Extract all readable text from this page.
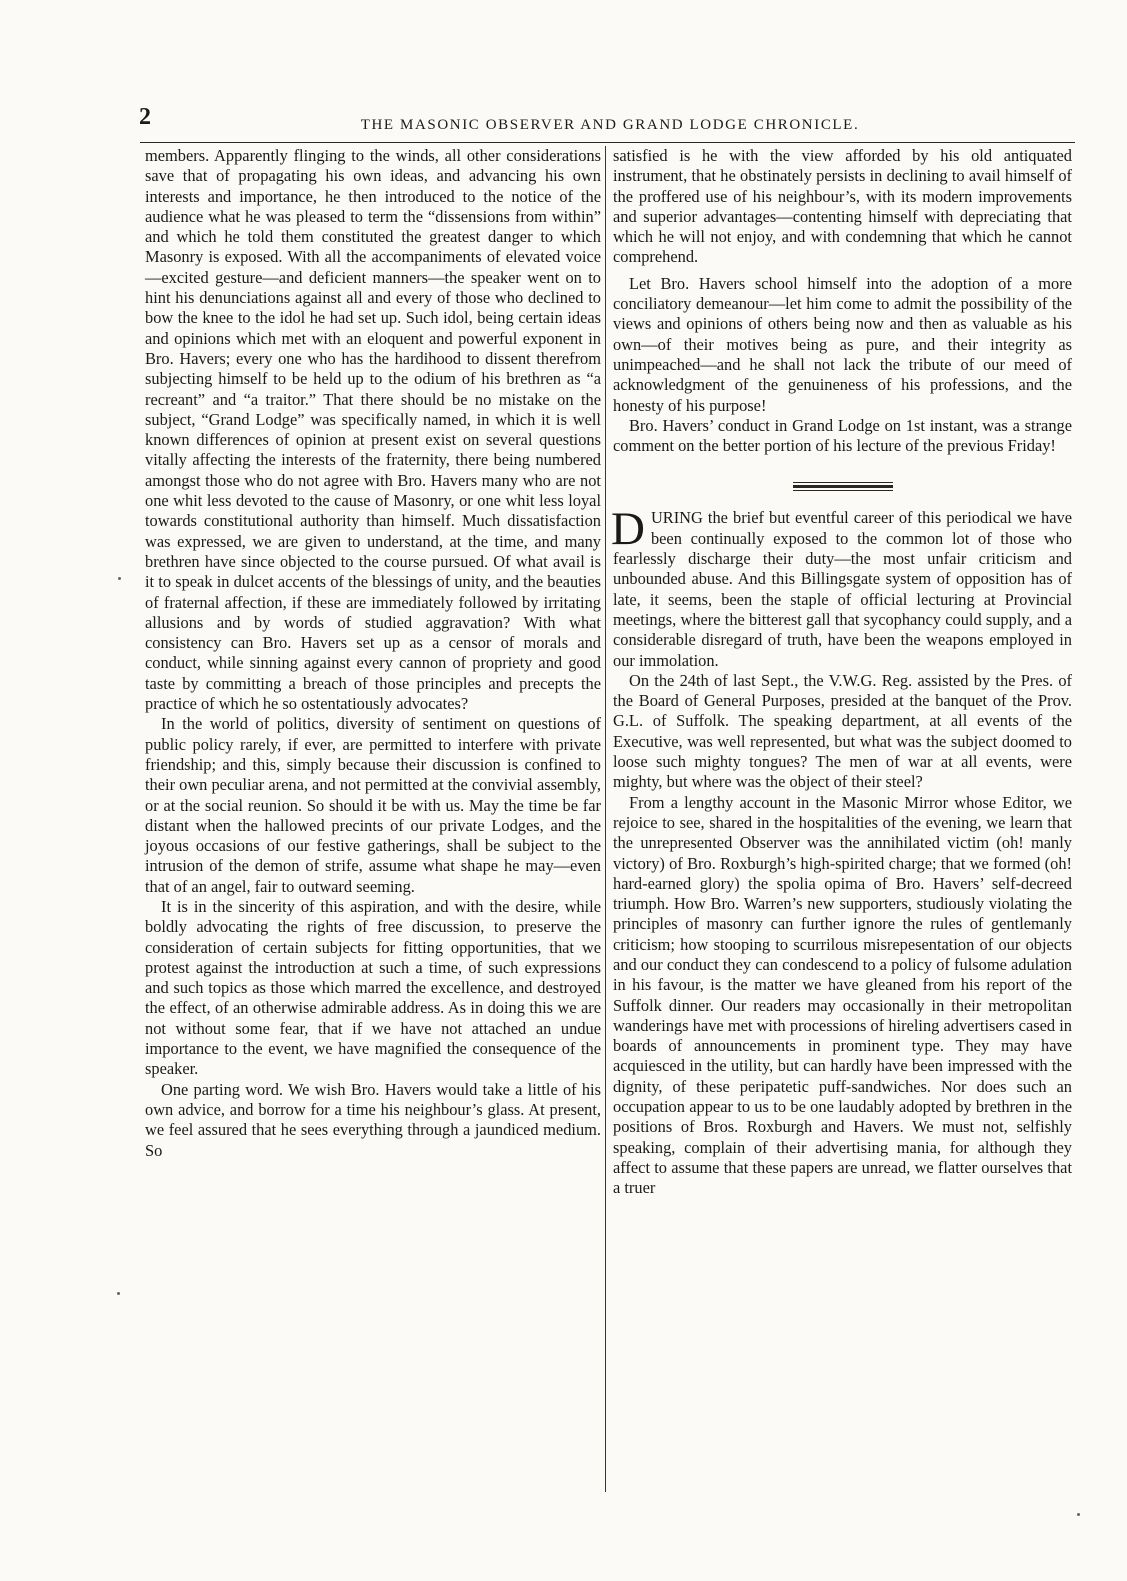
2	THE MASONIC OBSERVER AND GRAND LODGE CHRONICLE.

members. Apparently flinging to the winds, all other considerations save that of propagating his own ideas, and advancing his own interests and importance, he then introduced to the notice of the audience what he was pleased to term the “dissensions from within” and which he told them constituted the greatest danger to which Masonry is exposed. With all the accompaniments of elevated voice—excited gesture—and deficient manners—the speaker went on to hint his denunciations against all and every of those who declined to bow the knee to the idol he had set up. Such idol, being certain ideas and opinions which met with an eloquent and powerful exponent in Bro. Havers; every one who has the hardihood to dissent therefrom subjecting himself to be held up to the odium of his brethren as “a recreant” and “a traitor.” That there should be no mistake on the subject, “Grand Lodge” was specifically named, in which it is well known differences of opinion at present exist on several questions vitally affecting the interests of the fraternity, there being numbered amongst those who do not agree with Bro. Havers many who are not one whit less devoted to the cause of Masonry, or one whit less loyal towards constitutional authority than himself. Much dissatisfaction was expressed, we are given to understand, at the time, and many brethren have since objected to the course pursued. Of what avail is it to speak in dulcet accents of the blessings of unity, and the beauties of fraternal affection, if these are immediately followed by irritating allusions and by words of studied aggravation? With what consistency can Bro. Havers set up as a censor of morals and conduct, while sinning against every cannon of propriety and good taste by committing a breach of those principles and precepts the practice of which he so ostentatiously advocates?

In the world of politics, diversity of sentiment on questions of public policy rarely, if ever, are permitted to interfere with private friendship; and this, simply because their discussion is confined to their own peculiar arena, and not permitted at the convivial assembly, or at the social reunion. So should it be with us. May the time be far distant when the hallowed precints of our private Lodges, and the joyous occasions of our festive gatherings, shall be subject to the intrusion of the demon of strife, assume what shape he may—even that of an angel, fair to outward seeming.

It is in the sincerity of this aspiration, and with the desire, while boldly advocating the rights of free discussion, to preserve the consideration of certain subjects for fitting opportunities, that we protest against the introduction at such a time, of such expressions and such topics as those which marred the excellence, and destroyed the effect, of an otherwise admirable address. As in doing this we are not without some fear, that if we have not attached an undue importance to the event, we have magnified the consequence of the speaker.

One parting word. We wish Bro. Havers would take a little of his own advice, and borrow for a time his neighbour’s glass. At present, we feel assured that he sees everything through a jaundiced medium. So

satisfied is he with the view afforded by his old antiquated instrument, that he obstinately persists in declining to avail himself of the proffered use of his neighbour’s, with its modern improvements and superior advantages—contenting himself with depreciating that which he will not enjoy, and with condemning that which he cannot comprehend.

Let Bro. Havers school himself into the adoption of a more conciliatory demeanour—let him come to admit the possibility of the views and opinions of others being now and then as valuable as his own—of their motives being as pure, and their integrity as unimpeached—and he shall not lack the tribute of our meed of acknowledgment of the genuineness of his professions, and the honesty of his purpose!

Bro. Havers’ conduct in Grand Lodge on 1st instant, was a strange comment on the better portion of his lecture of the previous Friday!

DURING the brief but eventful career of this periodical we have been continually exposed to the common lot of those who fearlessly discharge their duty—the most unfair criticism and unbounded abuse. And this Billingsgate system of opposition has of late, it seems, been the staple of official lecturing at Provincial meetings, where the bitterest gall that sycophancy could supply, and a considerable disregard of truth, have been the weapons employed in our immolation.

On the 24th of last Sept., the V.W.G. Reg. assisted by the Pres. of the Board of General Purposes, presided at the banquet of the Prov. G.L. of Suffolk. The speaking department, at all events of the Executive, was well represented, but what was the subject doomed to loose such mighty tongues? The men of war at all events, were mighty, but where was the object of their steel?

From a lengthy account in the Masonic Mirror whose Editor, we rejoice to see, shared in the hospitalities of the evening, we learn that the unrepresented Observer was the annihilated victim (oh! manly victory) of Bro. Roxburgh’s high-spirited charge; that we formed (oh! hard-earned glory) the spolia opima of Bro. Havers’ self-decreed triumph. How Bro. Warren’s new supporters, studiously violating the principles of masonry can further ignore the rules of gentlemanly criticism; how stooping to scurrilous misrepesentation of our objects and our conduct they can condescend to a policy of fulsome adulation in his favour, is the matter we have gleaned from his report of the Suffolk dinner. Our readers may occasionally in their metropolitan wanderings have met with processions of hireling advertisers cased in boards of announcements in prominent type. They may have acquiesced in the utility, but can hardly have been impressed with the dignity, of these peripatetic puff-sandwiches. Nor does such an occupation appear to us to be one laudably adopted by brethren in the positions of Bros. Roxburgh and Havers. We must not, selfishly speaking, complain of their advertising mania, for although they affect to assume that these papers are unread, we flatter ourselves that a truer
